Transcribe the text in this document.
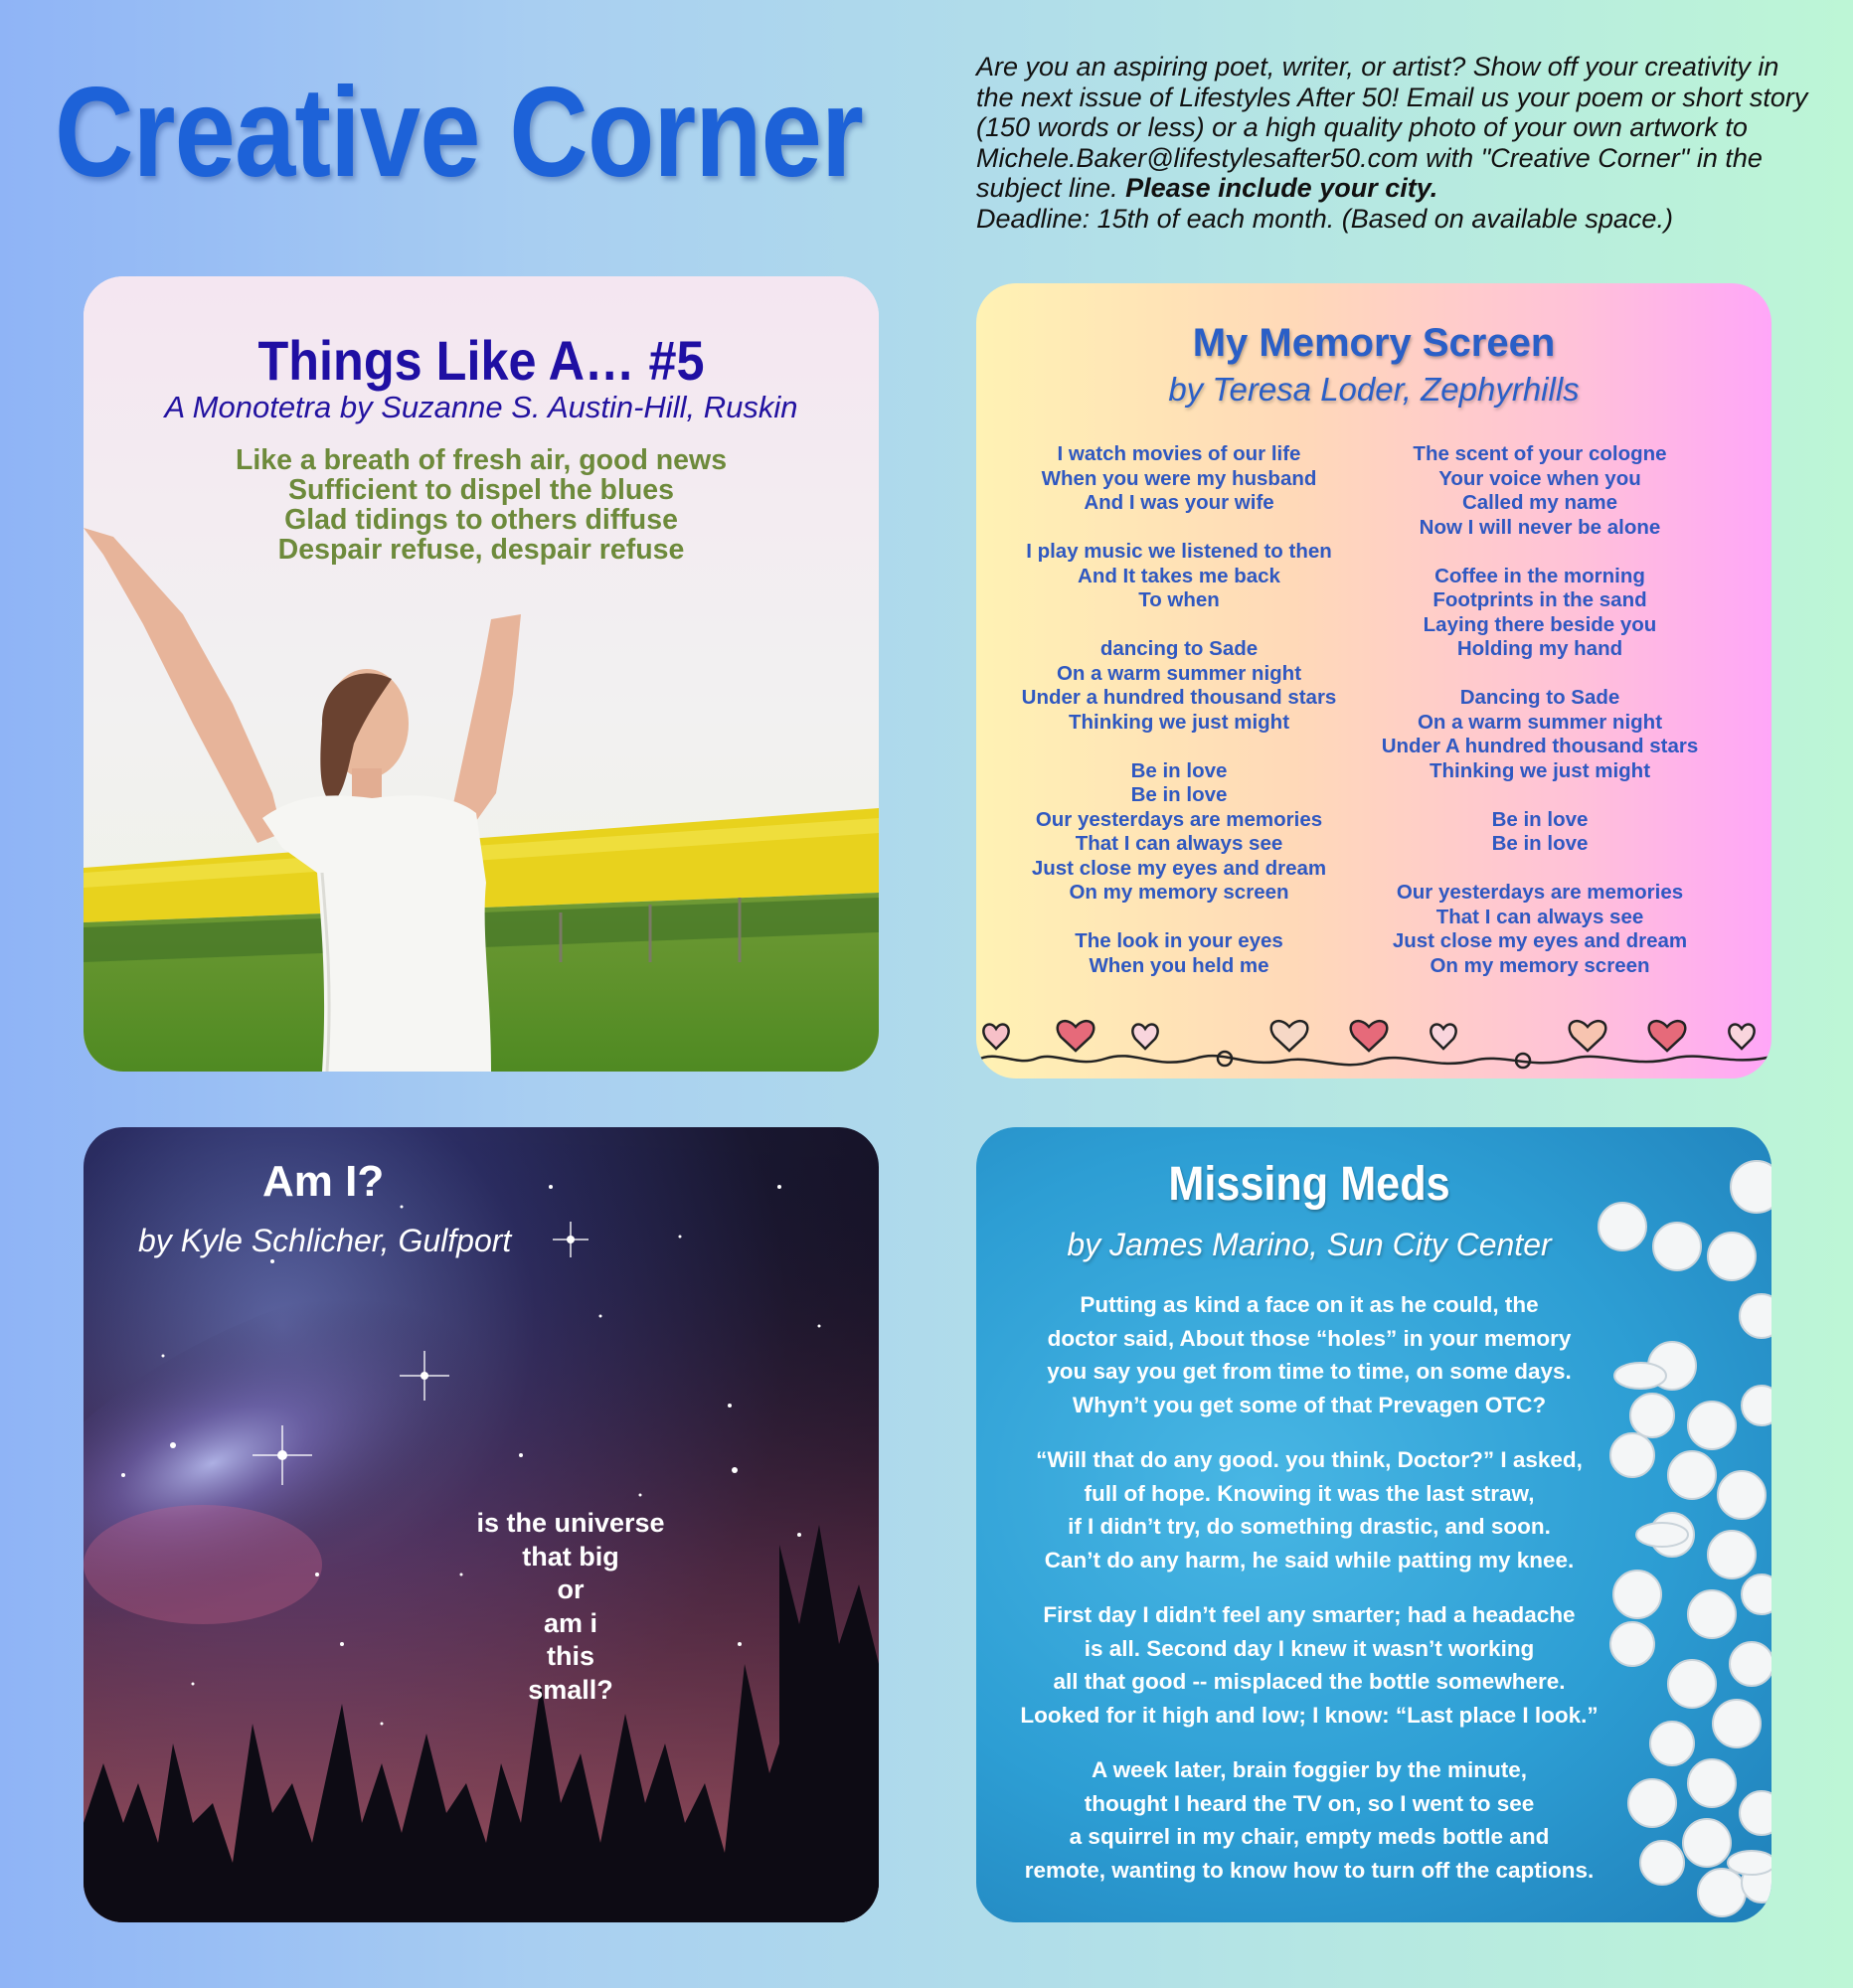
Creative Corner	Are you an aspiring poet, writer, or artist? Show off your creativity in the next issue of Lifestyles After 50! Email us your poem or short story (150 words or less) or a high quality photo of your own artwork to Michele.Baker@lifestylesafter50.com with "Creative Corner" in the subject line. Please include your city.
Deadline: 15th of each month. (Based on available space.)

Things Like A… #5
A Monotetra by Suzanne S. Austin-Hill, Ruskin
Like a breath of fresh air, good news
Sufficient to dispel the blues
Glad tidings to others diffuse
Despair refuse, despair refuse
My Memory Screen
by Teresa Loder, Zephyrhills

I watch movies of our life
When you were my husband
And I was your wife

I play music we listened to then
And It takes me back
To when

dancing to Sade
On a warm summer night
Under a hundred thousand stars
Thinking we just might

Be in love
Be in love
Our yesterdays are memories
That I can always see
Just close my eyes and dream
On my memory screen

The look in your eyes
When you held me

The scent of your cologne
Your voice when you
Called my name
Now I will never be alone

Coffee in the morning
Footprints in the sand
Laying there beside you
Holding my hand

Dancing to Sade
On a warm summer night
Under A hundred thousand stars
Thinking we just might

Be in love
Be in love

Our yesterdays are memories
That I can always see
Just close my eyes and dream
On my memory screen

Am I?
by Kyle Schlicher, Gulfport
is the universe
that big
or
am i
this
small?
Missing Meds
by James Marino, Sun City Center

Putting as kind a face on it as he could, the
doctor said, About those “holes” in your memory
you say you get from time to time, on some days.
Whyn’t you get some of that Prevagen OTC?

“Will that do any good. you think, Doctor?” I asked,
full of hope. Knowing it was the last straw,
if I didn’t try, do something drastic, and soon.
Can’t do any harm, he said while patting my knee.

First day I didn’t feel any smarter; had a headache
is all. Second day I knew it wasn’t working
all that good -- misplaced the bottle somewhere.
Looked for it high and low; I know: “Last place I look.”

A week later, brain foggier by the minute,
thought I heard the TV on, so I went to see
a squirrel in my chair, empty meds bottle and
remote, wanting to know how to turn off the captions.
